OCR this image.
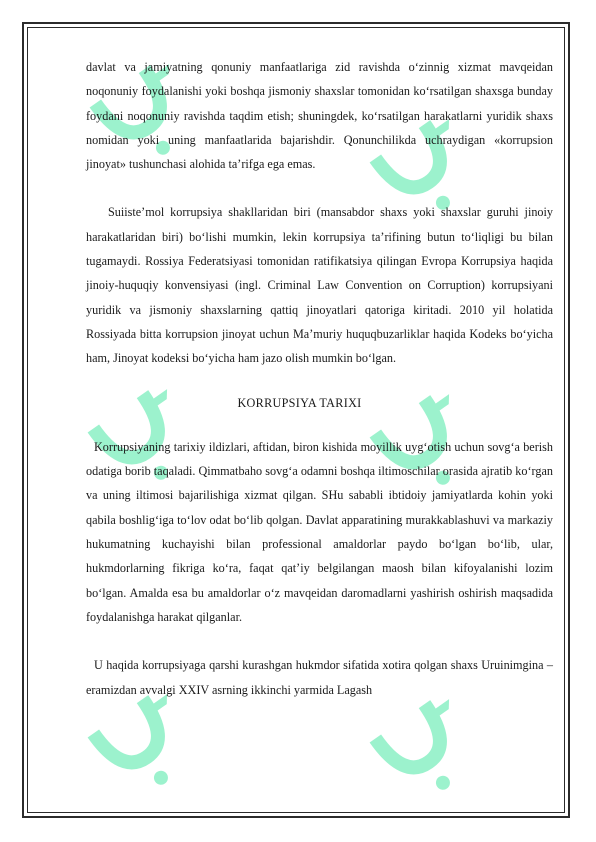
davlat va jamiyatning qonuniy manfaatlariga zid ravishda o‘zinnig xizmat mavqeidan noqonuniy foydalanishi yoki boshqa jismoniy shaxslar tomonidan ko‘rsatilgan shaxsga bunday foydani noqonuniy ravishda taqdim etish; shuningdek, ko‘rsatilgan harakatlarni yuridik shaxs nomidan yoki uning manfaatlarida bajarishdir. Qonunchilikda uchraydigan «korrupsion jinoyat» tushunchasi alohida ta’rifga ega emas.

Suiiste’mol korrupsiya shakllaridan biri (mansabdor shaxs yoki shaxslar guruhi jinoiy harakatlaridan biri) bo‘lishi mumkin, lekin korrupsiya ta’rifining butun to‘liqligi bu bilan tugamaydi. Rossiya Federatsiyasi tomonidan ratifikatsiya qilingan Evropa Korrupsiya haqida jinoiy-huquqiy konvensiyasi (ingl. Criminal Law Convention on Corruption) korrupsiyani yuridik va jismoniy shaxslarning qattiq jinoyatlari qatoriga kiritadi. 2010 yil holatida Rossiyada bitta korrupsion jinoyat uchun Ma’muriy huquqbuzarliklar haqida Kodeks bo‘yicha ham, Jinoyat kodeksi bo‘yicha ham jazo olish mumkin bo‘lgan.

KORRUPSIYA TARIXI

Korrupsiyaning tarixiy ildizlari, aftidan, biron kishida moyillik uyg‘otish uchun sovg‘a berish odatiga borib taqaladi. Qimmatbaho sovg‘a odamni boshqa iltimoschilar orasida ajratib ko‘rgan va uning iltimosi bajarilishiga xizmat qilgan. SHu sababli ibtidoiy jamiyatlarda kohin yoki qabila boshlig‘iga to‘lov odat bo‘lib qolgan. Davlat apparatining murakkablashuvi va markaziy hukumatning kuchayishi bilan professional amaldorlar paydo bo‘lgan bo‘lib, ular, hukmdorlarning fikriga ko‘ra, faqat qat’iy belgilangan maosh bilan kifoyalanishi lozim bo‘lgan. Amalda esa bu amaldorlar o‘z mavqeidan daromadlarni yashirish oshirish maqsadida foydalanishga harakat qilganlar.

U haqida korrupsiyaga qarshi kurashgan hukmdor sifatida xotira qolgan shaxs Uruinimgina – eramizdan avvalgi XXIV asrning ikkinchi yarmida Lagash
